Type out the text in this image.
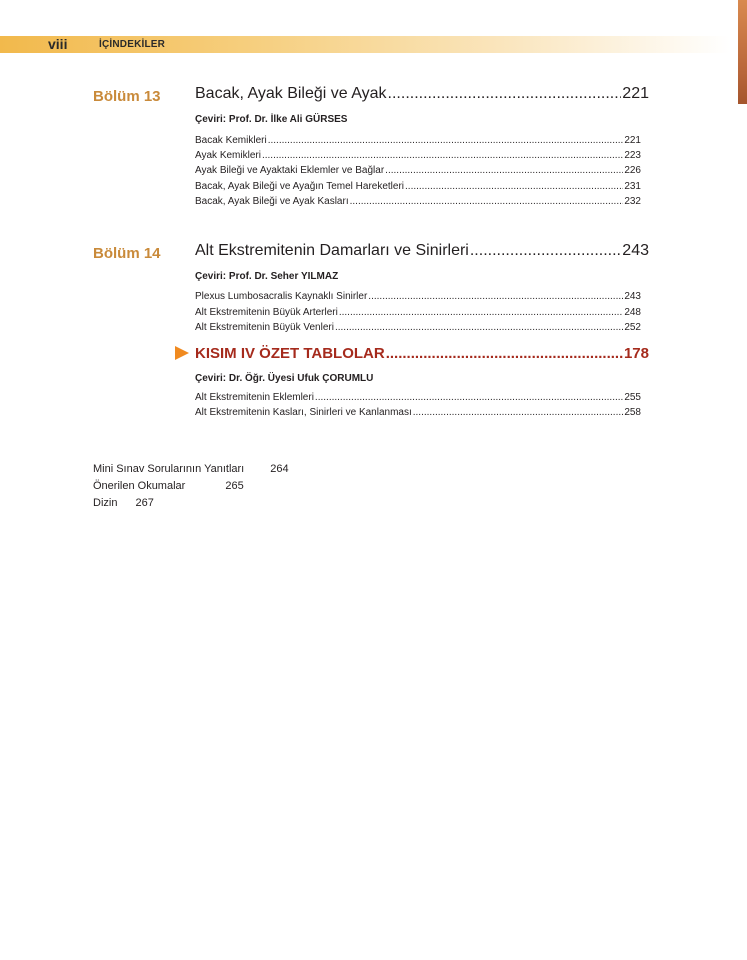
viii	İÇİNDEKİLER
Bölüm 13 Bacak, Ayak Bileği ve Ayak .....	221
Çeviri: Prof. Dr. İlke Ali GÜRSES
Bacak Kemikleri .....	221
Ayak Kemikleri .....	223
Ayak Bileği ve Ayaktaki Eklemler ve Bağlar .....	226
Bacak, Ayak Bileği ve Ayağın Temel Hareketleri .....	231
Bacak, Ayak Bileği ve Ayak Kasları .....	232
Bölüm 14 Alt Ekstremitenin Damarları ve Sinirleri .....	243
Çeviri: Prof. Dr. Seher YILMAZ
Plexus Lumbosacralis Kaynaklı Sinirler .....	243
Alt Ekstremitenin Büyük Arterleri .....	248
Alt Ekstremitenin Büyük Venleri .....	252
KISIM IV ÖZET TABLOLAR .....	178
Çeviri: Dr. Öğr. Üyesi Ufuk ÇORUMLU
Alt Ekstremitenin Eklemleri .....	255
Alt Ekstremitenin Kasları, Sinirleri ve Kanlanması .....	258
Mini Sınav Sorularının Yanıtları 264
Önerilen Okumalar	265
Dizin 267
